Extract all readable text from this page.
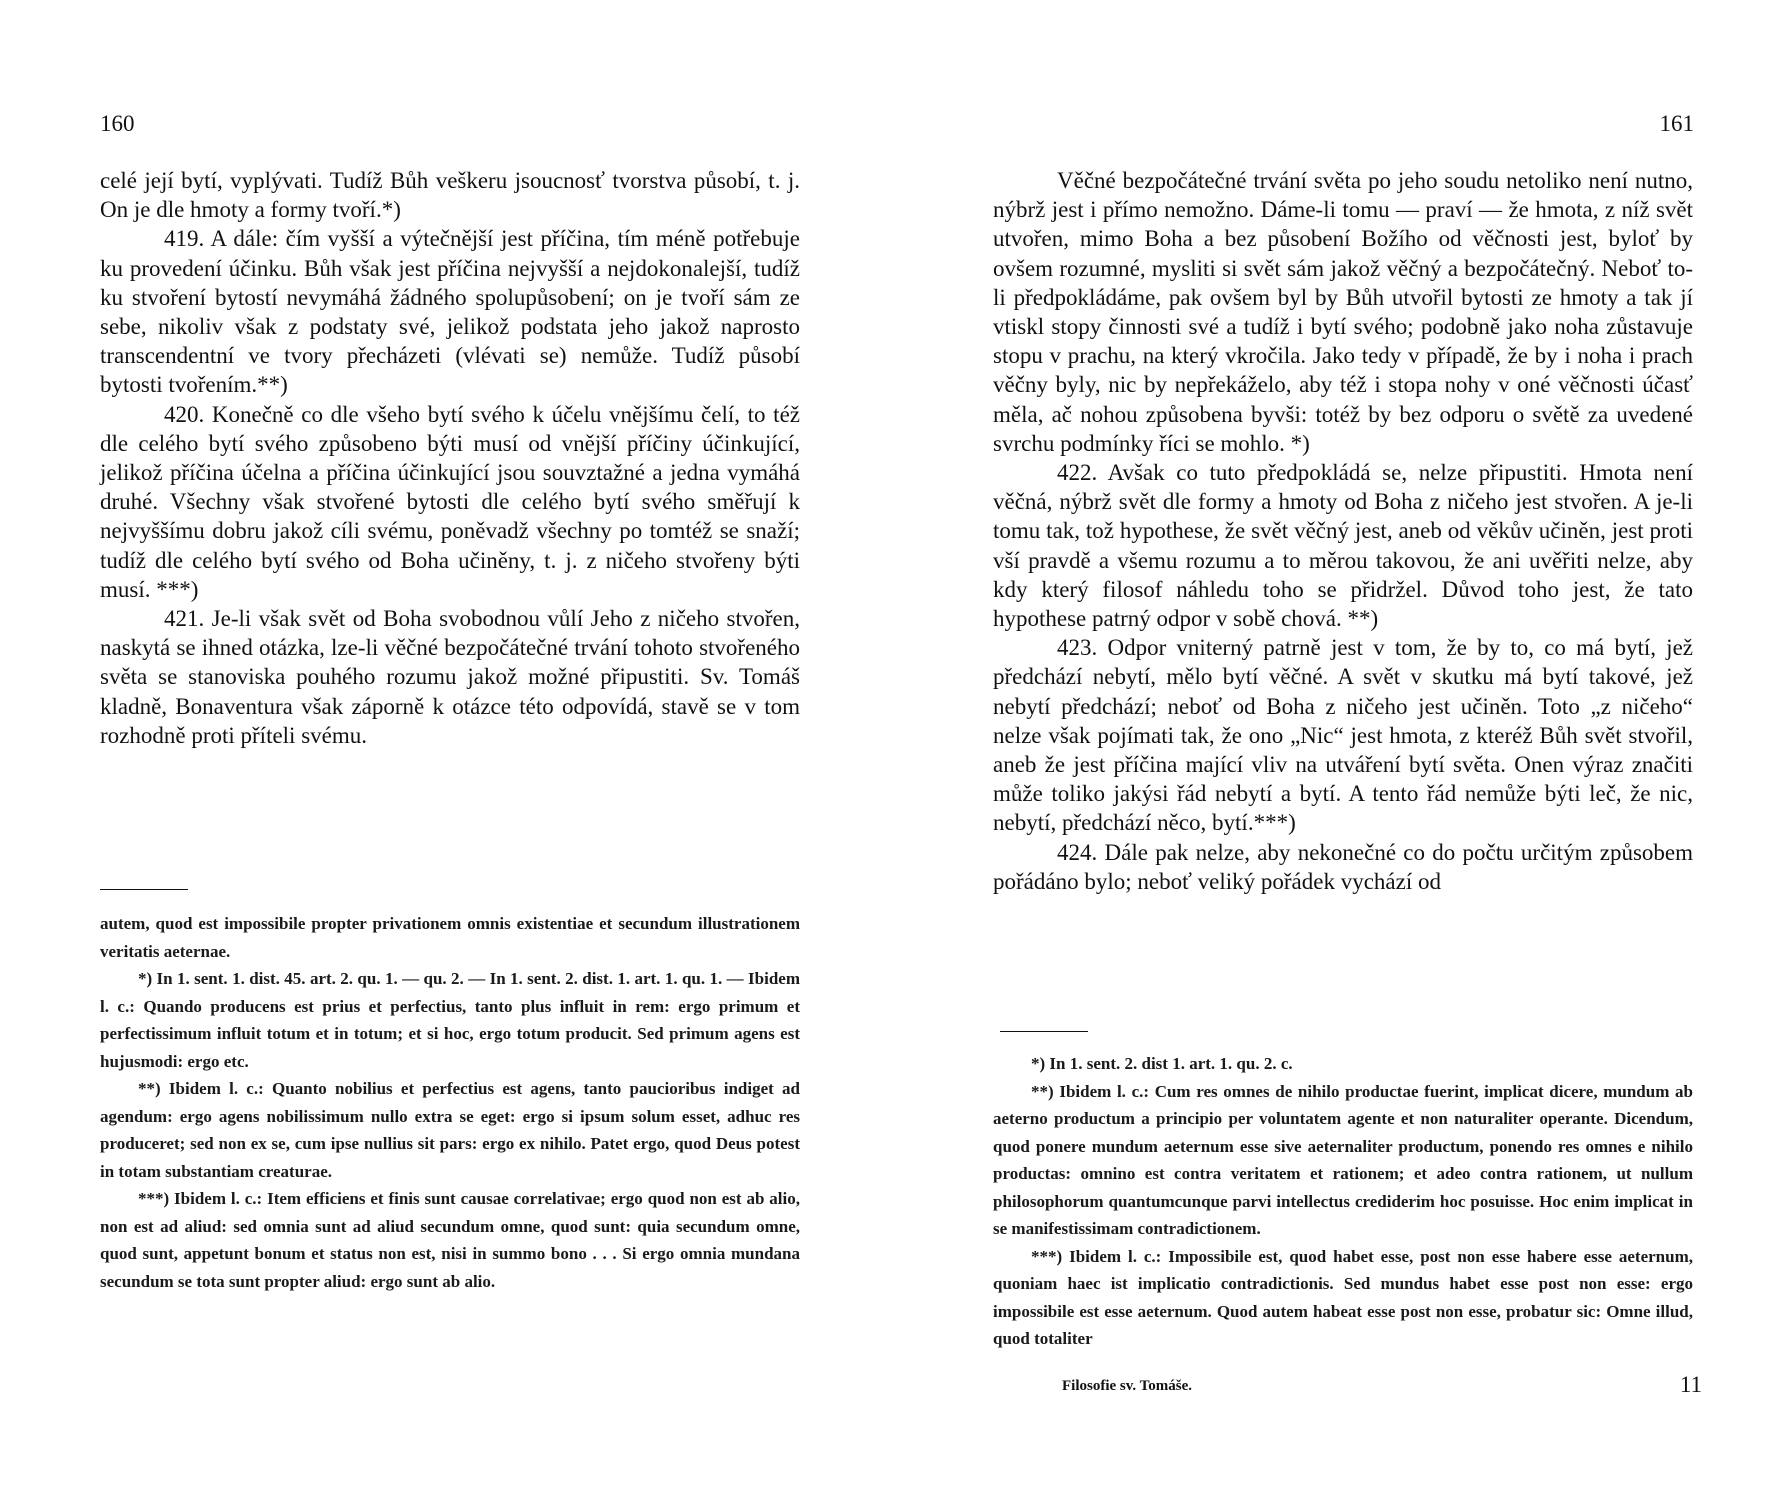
160

celé její bytí, vyplývati. Tudíž Bůh veškeru jsoucnosť tvorstva působí, t. j. On je dle hmoty a formy tvoří.*)

419. A dále: čím vyšší a výtečnější jest příčina, tím méně potřebuje ku provedení účinku. Bůh však jest příčina nejvyšší a nejdokonalejší, tudíž ku stvoření bytostí nevymáhá žádného spolupůsobení; on je tvoří sám ze sebe, nikoliv však z podstaty své, jelikož podstata jeho jakož naprosto transcendentní ve tvory přecházeti (vlévati se) nemůže. Tudíž působí bytosti tvořením.**)

420. Konečně co dle všeho bytí svého k účelu vnějšímu čelí, to též dle celého bytí svého způsobeno býti musí od vnější příčiny účinkující, jelikož příčina účelna a příčina účinkující jsou souvztažné a jedna vymáhá druhé. Všechny však stvořené bytosti dle celého bytí svého směřují k nejvyššímu dobru jakož cíli svému, poněvadž všechny po tomtéž se snaží; tudíž dle celého bytí svého od Boha učiněny, t. j. z ničeho stvořeny býti musí. ***)

421. Je-li však svět od Boha svobodnou vůlí Jeho z ničeho stvořen, naskytá se ihned otázka, lze-li věčné bezpočátečné trvání tohoto stvořeného světa se stanoviska pouhého rozumu jakož možné připustiti. Sv. Tomáš kladně, Bonaventura však záporně k otázce této odpovídá, stavě se v tom rozhodně proti příteli svému.

autem, quod est impossibile propter privationem omnis existentiae et secundum illustrationem veritatis aeternae.

*) In 1. sent. 1. dist. 45. art. 2. qu. 1. — qu. 2. — In 1. sent. 2. dist. 1. art. 1. qu. 1. — Ibidem l. c.: Quando producens est prius et perfectius, tanto plus influit in rem: ergo primum et perfectissimum influit totum et in totum; et si hoc, ergo totum producit. Sed primum agens est hujusmodi: ergo etc.

**) Ibidem l. c.: Quanto nobilius et perfectius est agens, tanto paucioribus indiget ad agendum: ergo agens nobilissimum nullo extra se eget: ergo si ipsum solum esset, adhuc res produceret; sed non ex se, cum ipse nullius sit pars: ergo ex nihilo. Patet ergo, quod Deus potest in totam substantiam creaturae.

***) Ibidem l. c.: Item efficiens et finis sunt causae correlativae; ergo quod non est ab alio, non est ad aliud: sed omnia sunt ad aliud secundum omne, quod sunt: quia secundum omne, quod sunt, appetunt bonum et status non est, nisi in summo bono . . . Si ergo omnia mundana secundum se tota sunt propter aliud: ergo sunt ab alio.

161

Věčné bezpočátečné trvání světa po jeho soudu netoliko není nutno, nýbrž jest i přímo nemožno. Dáme-li tomu — praví — že hmota, z níž svět utvořen, mimo Boha a bez působení Božího od věčnosti jest, byloť by ovšem rozumné, mysliti si svět sám jakož věčný a bezpočátečný. Neboť to-li předpokládáme, pak ovšem byl by Bůh utvořil bytosti ze hmoty a tak jí vtiskl stopy činnosti své a tudíž i bytí svého; podobně jako noha zůstavuje stopu v prachu, na který vkročila. Jako tedy v případě, že by i noha i prach věčny byly, nic by nepřekáželo, aby též i stopa nohy v oné věčnosti účasť měla, ač nohou způsobena byvši: totéž by bez odporu o světě za uvedené svrchu podmínky říci se mohlo. *)

422. Avšak co tuto předpokládá se, nelze připustiti. Hmota není věčná, nýbrž svět dle formy a hmoty od Boha z ničeho jest stvořen. A je-li tomu tak, tož hypothese, že svět věčný jest, aneb od věkův učiněn, jest proti vší pravdě a všemu rozumu a to měrou takovou, že ani uvěřiti nelze, aby kdy který filosof náhledu toho se přidržel. Důvod toho jest, že tato hypothese patrný odpor v sobě chová. **)

423. Odpor vniterný patrně jest v tom, že by to, co má bytí, jež předchází nebytí, mělo bytí věčné. A svět v skutku má bytí takové, jež nebytí předchází; neboť od Boha z ničeho jest učiněn. Toto „z ničeho“ nelze však pojímati tak, že ono „Nic“ jest hmota, z kteréž Bůh svět stvořil, aneb že jest příčina mající vliv na utváření bytí světa. Onen výraz značiti může toliko jakýsi řád nebytí a bytí. A tento řád nemůže býti leč, že nic, nebytí, předchází něco, bytí.***)

424. Dále pak nelze, aby nekonečné co do počtu určitým způsobem pořádáno bylo; neboť veliký pořádek vychází od

*) In 1. sent. 2. dist 1. art. 1. qu. 2. c.

**) Ibidem l. c.: Cum res omnes de nihilo productae fuerint, implicat dicere, mundum ab aeterno productum a principio per voluntatem agente et non naturaliter operante. Dicendum, quod ponere mundum aeternum esse sive aeternaliter productum, ponendo res omnes e nihilo productas: omnino est contra veritatem et rationem; et adeo contra rationem, ut nullum philosophorum quantumcunque parvi intellectus crediderim hoc posuisse. Hoc enim implicat in se manifestissimam contradictionem.

***) Ibidem l. c.: Impossibile est, quod habet esse, post non esse habere esse aeternum, quoniam haec ist implicatio contradictionis. Sed mundus habet esse post non esse: ergo impossibile est esse aeternum. Quod autem habeat esse post non esse, probatur sic: Omne illud, quod totaliter

Filosofie sv. Tomáše.	11
